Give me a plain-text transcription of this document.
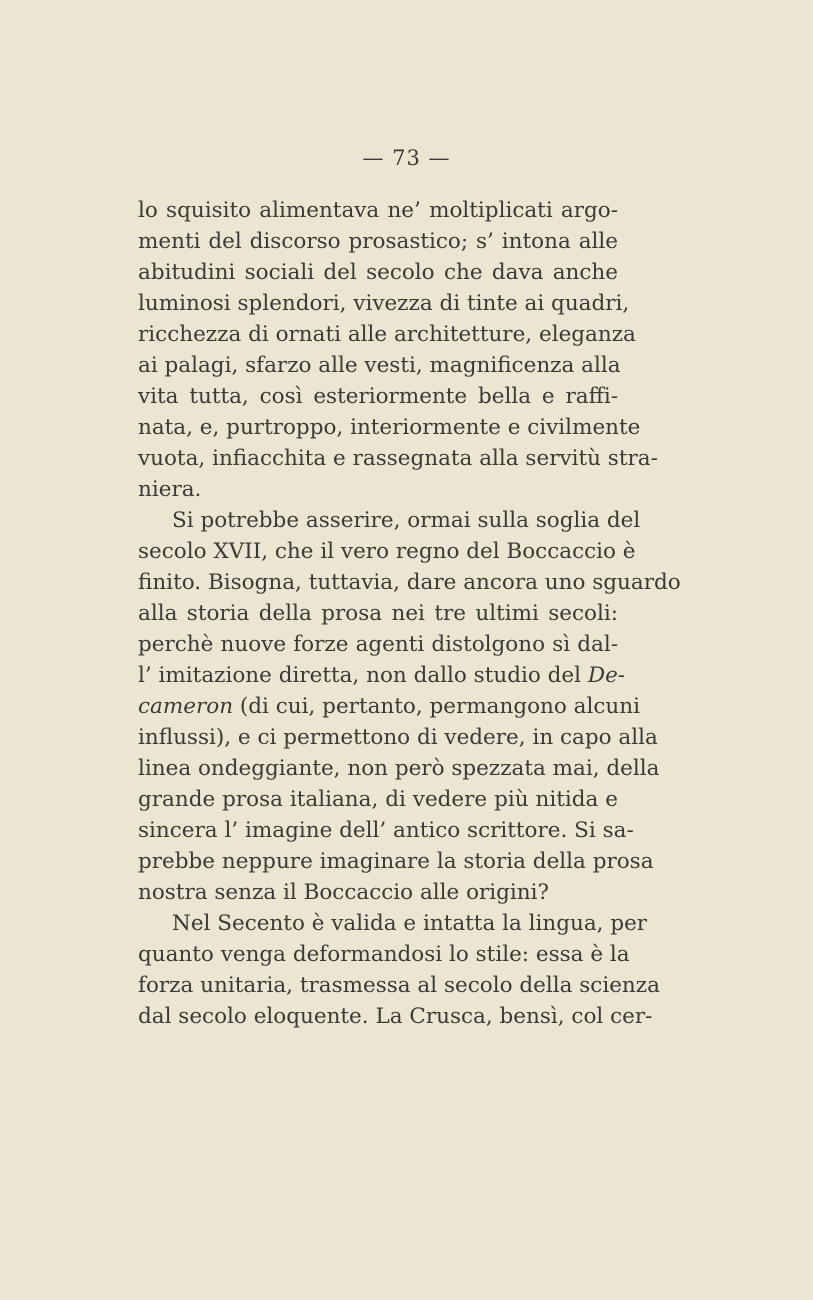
— 73 —
lo squisito alimentava ne’ moltiplicati argo-
menti del discorso prosastico; s’ intona alle
abitudini sociali del secolo che dava anche
luminosi splendori, vivezza di tinte ai quadri,
ricchezza di ornati alle architetture, eleganza
ai palagi, sfarzo alle vesti, magnificenza alla
vita tutta, così esteriormente bella e raffi-
nata, e, purtroppo, interiormente e civilmente
vuota, infiacchita e rassegnata alla servitù stra-
niera.
Si potrebbe asserire, ormai sulla soglia del
secolo XVII, che il vero regno del Boccaccio è
finito. Bisogna, tuttavia, dare ancora uno sguardo
alla storia della prosa nei tre ultimi secoli:
perchè nuove forze agenti distolgono sì dal-
l’ imitazione diretta, non dallo studio del De-
cameron (di cui, pertanto, permangono alcuni
influssi), e ci permettono di vedere, in capo alla
linea ondeggiante, non però spezzata mai, della
grande prosa italiana, di vedere più nitida e
sincera l’ imagine dell’ antico scrittore. Si sa-
prebbe neppure imaginare la storia della prosa
nostra senza il Boccaccio alle origini?
Nel Secento è valida e intatta la lingua, per
quanto venga deformandosi lo stile: essa è la
forza unitaria, trasmessa al secolo della scienza
dal secolo eloquente. La Crusca, bensì, col cer-
